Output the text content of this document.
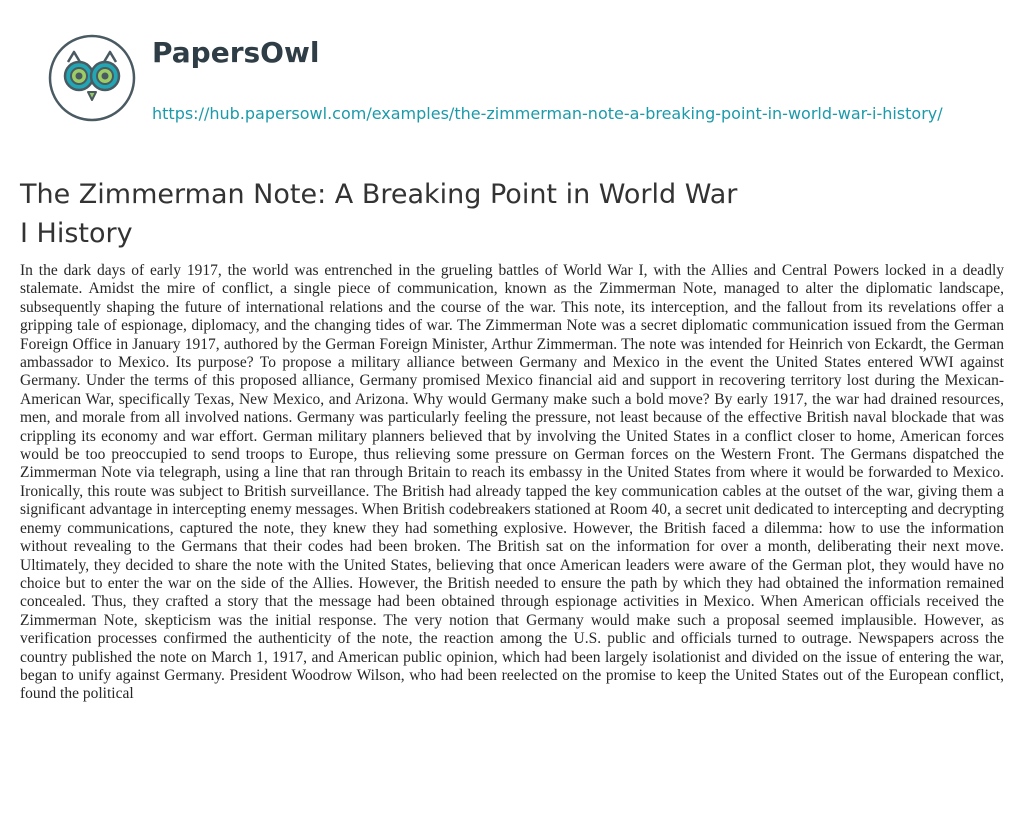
PapersOwl
https://hub.papersowl.com/examples/the-zimmerman-note-a-breaking-point-in-world-war-i-history/
The Zimmerman Note: A Breaking Point in World War I History

In the dark days of early 1917, the world was entrenched in the grueling battles of World War I, with the Allies and Central Powers locked in a deadly stalemate. Amidst the mire of conflict, a single piece of communication, known as the Zimmerman Note, managed to alter the diplomatic landscape, subsequently shaping the future of international relations and the course of the war. This note, its interception, and the fallout from its revelations offer a gripping tale of espionage, diplomacy, and the changing tides of war. The Zimmerman Note was a secret diplomatic communication issued from the German Foreign Office in January 1917, authored by the German Foreign Minister, Arthur Zimmerman. The note was intended for Heinrich von Eckardt, the German ambassador to Mexico. Its purpose? To propose a military alliance between Germany and Mexico in the event the United States entered WWI against Germany. Under the terms of this proposed alliance, Germany promised Mexico financial aid and support in recovering territory lost during the Mexican-American War, specifically Texas, New Mexico, and Arizona. Why would Germany make such a bold move? By early 1917, the war had drained resources, men, and morale from all involved nations. Germany was particularly feeling the pressure, not least because of the effective British naval blockade that was crippling its economy and war effort. German military planners believed that by involving the United States in a conflict closer to home, American forces would be too preoccupied to send troops to Europe, thus relieving some pressure on German forces on the Western Front. The Germans dispatched the Zimmerman Note via telegraph, using a line that ran through Britain to reach its embassy in the United States from where it would be forwarded to Mexico. Ironically, this route was subject to British surveillance. The British had already tapped the key communication cables at the outset of the war, giving them a significant advantage in intercepting enemy messages. When British codebreakers stationed at Room 40, a secret unit dedicated to intercepting and decrypting enemy communications, captured the note, they knew they had something explosive. However, the British faced a dilemma: how to use the information without revealing to the Germans that their codes had been broken. The British sat on the information for over a month, deliberating their next move. Ultimately, they decided to share the note with the United States, believing that once American leaders were aware of the German plot, they would have no choice but to enter the war on the side of the Allies. However, the British needed to ensure the path by which they had obtained the information remained concealed. Thus, they crafted a story that the message had been obtained through espionage activities in Mexico. When American officials received the Zimmerman Note, skepticism was the initial response. The very notion that Germany would make such a proposal seemed implausible. However, as verification processes confirmed the authenticity of the note, the reaction among the U.S. public and officials turned to outrage. Newspapers across the country published the note on March 1, 1917, and American public opinion, which had been largely isolationist and divided on the issue of entering the war, began to unify against Germany. President Woodrow Wilson, who had been reelected on the promise to keep the United States out of the European conflict, found the political
